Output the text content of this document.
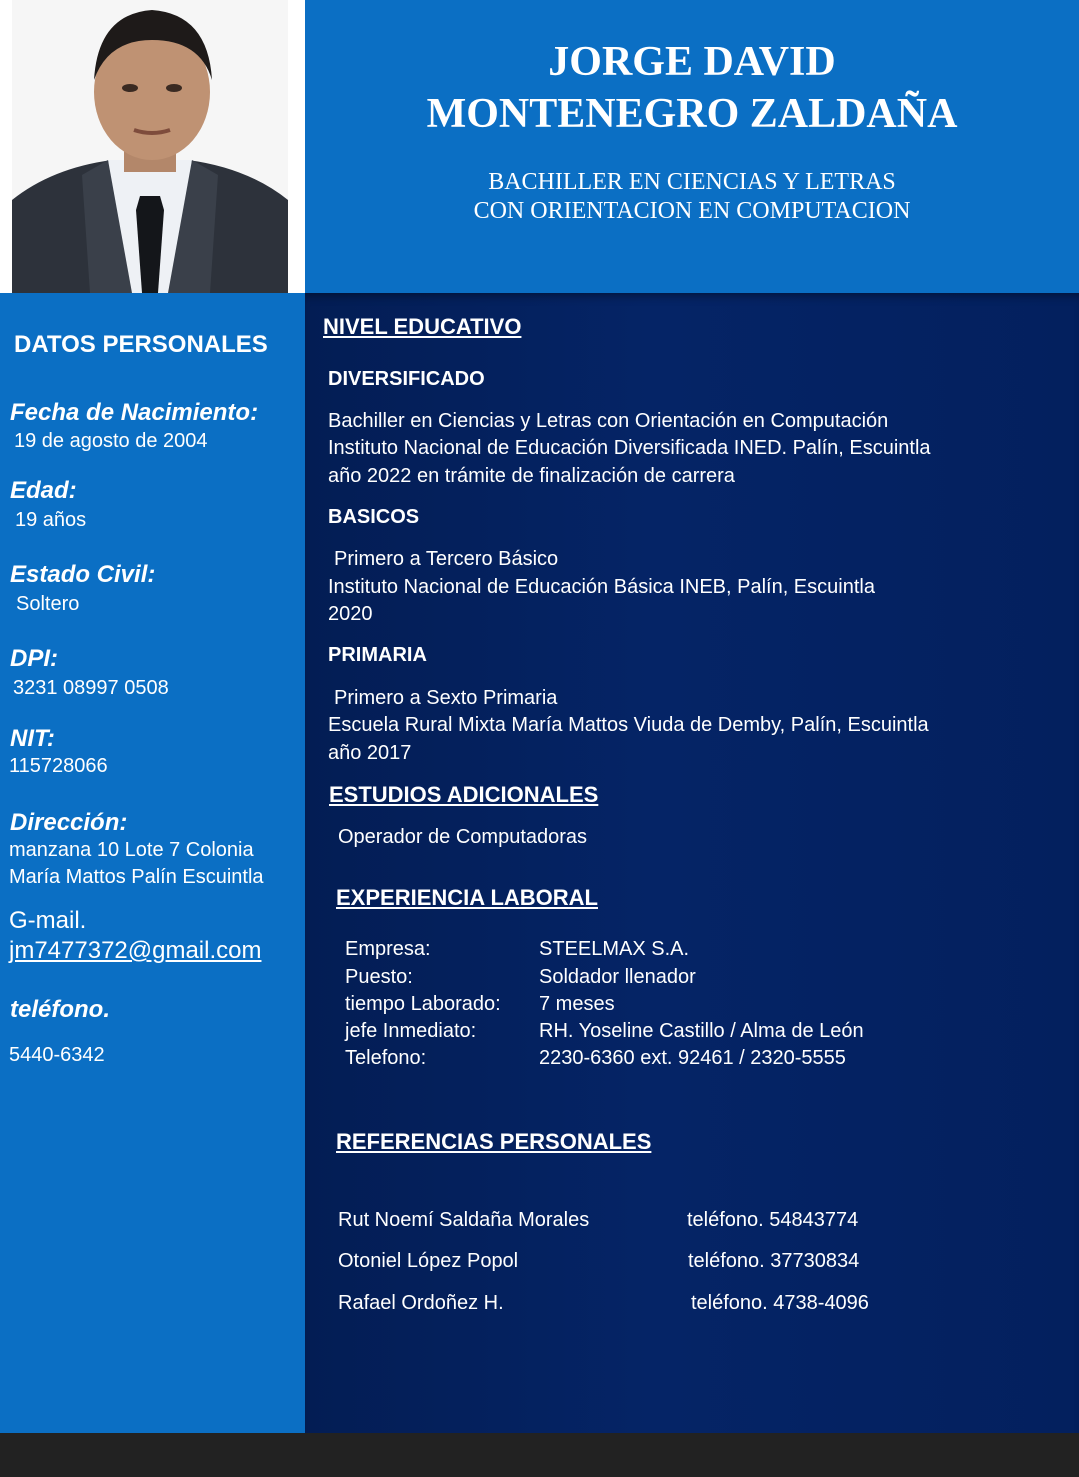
JORGE DAVID
MONTENEGRO ZALDAÑA
BACHILLER EN CIENCIAS Y LETRAS
CON ORIENTACION EN COMPUTACION
DATOS PERSONALES
Fecha de Nacimiento:
19 de agosto de 2004
Edad:
19 años
Estado Civil:
Soltero
DPI:
3231 08997 0508
NIT:
115728066
Dirección:
manzana 10 Lote 7 Colonia
María Mattos Palín Escuintla
G-mail.
jm7477372@gmail.com
teléfono.
5440-6342
NIVEL EDUCATIVO
DIVERSIFICADO
Bachiller en Ciencias y Letras con Orientación en Computación
Instituto Nacional de Educación Diversificada INED. Palín, Escuintla
año 2022 en trámite de finalización de carrera
BASICOS
Primero a Tercero Básico
Instituto Nacional de Educación Básica INEB, Palín, Escuintla
2020
PRIMARIA
Primero a Sexto Primaria
Escuela Rural Mixta María Mattos Viuda de Demby, Palín, Escuintla
año 2017
ESTUDIOS ADICIONALES
Operador de Computadoras
EXPERIENCIA LABORAL
Empresa:	STEELMAX S.A.
Puesto:	Soldador llenador
tiempo Laborado: 7 meses
jefe Inmediato:	RH. Yoseline Castillo / Alma de León
Telefono:	2230-6360 ext. 92461 / 2320-5555
REFERENCIAS PERSONALES
Rut Noemí Saldaña Morales	teléfono. 54843774
Otoniel López Popol	teléfono. 37730834
Rafael Ordoñez H.	teléfono. 4738-4096
